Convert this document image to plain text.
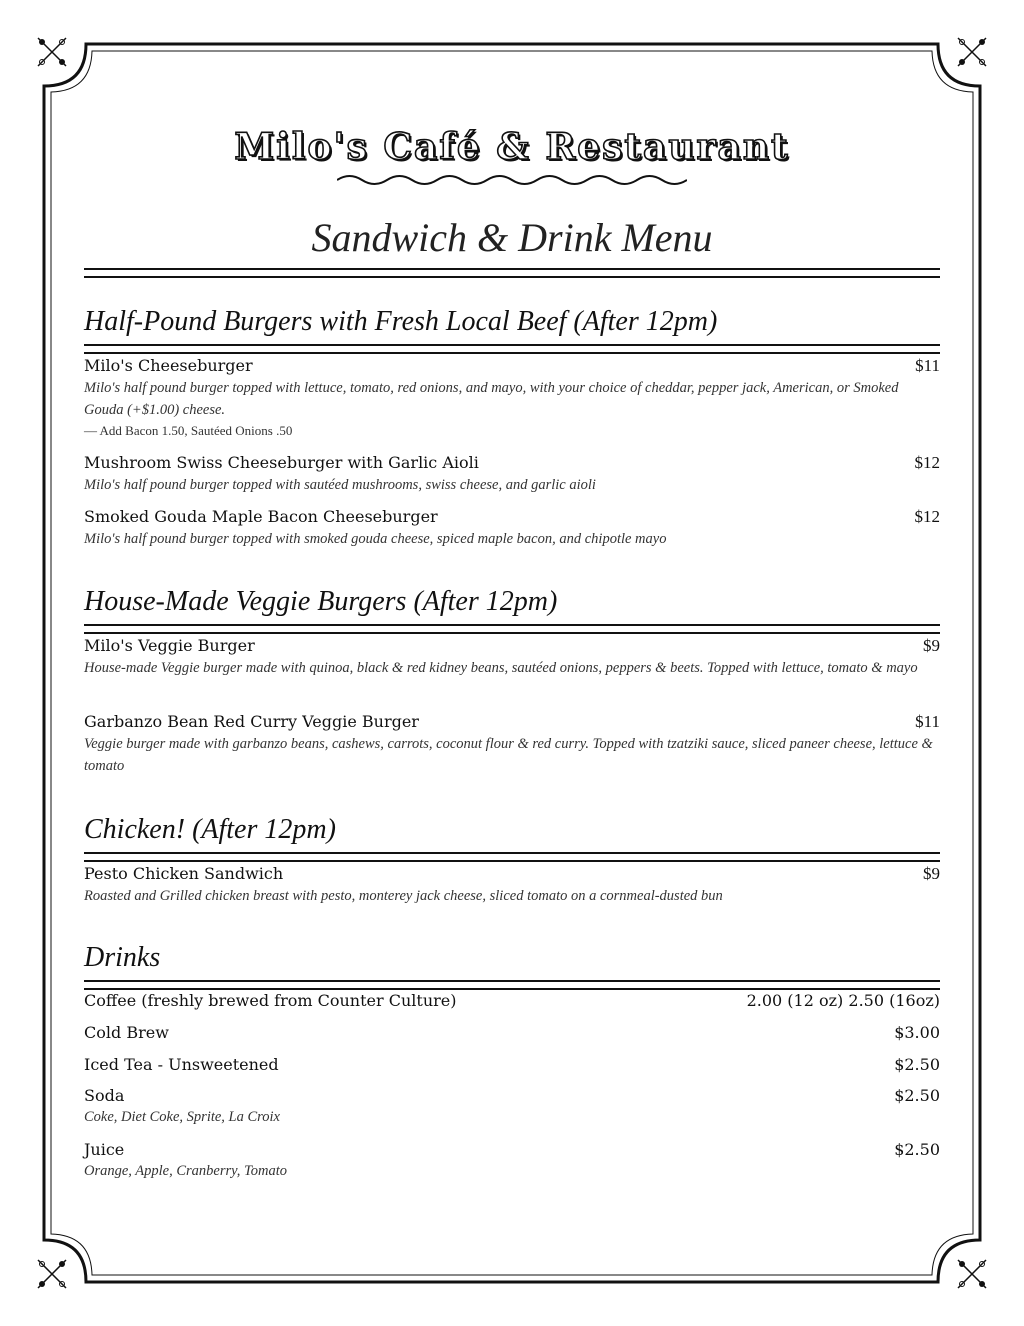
Milo's Café & Restaurant
Sandwich & Drink Menu
Half-Pound Burgers with Fresh Local Beef (After 12pm)
Milo's Cheeseburger	$11
Milo's half pound burger topped with lettuce, tomato, red onions, and mayo, with your choice of cheddar, pepper jack, American, or Smoked Gouda (+$1.00) cheese.
— Add Bacon 1.50, Sautéed Onions .50
Mushroom Swiss Cheeseburger with Garlic Aioli	$12
Milo's half pound burger topped with sautéed mushrooms, swiss cheese, and garlic aioli
Smoked Gouda Maple Bacon Cheeseburger	$12
Milo's half pound burger topped with smoked gouda cheese, spiced maple bacon, and chipotle mayo
House-Made Veggie Burgers (After 12pm)
Milo's Veggie Burger	$9
House-made Veggie burger made with quinoa, black & red kidney beans, sautéed onions, peppers & beets. Topped with lettuce, tomato & mayo
Garbanzo Bean Red Curry Veggie Burger	$11
Veggie burger made with garbanzo beans, cashews, carrots, coconut flour & red curry. Topped with tzatziki sauce, sliced paneer cheese, lettuce & tomato
Chicken! (After 12pm)
Pesto Chicken Sandwich	$9
Roasted and Grilled chicken breast with pesto, monterey jack cheese, sliced tomato on a cornmeal-dusted bun
Drinks
Coffee (freshly brewed from Counter Culture)	2.00 (12 oz) 2.50 (16oz)
Cold Brew	$3.00
Iced Tea - Unsweetened	$2.50
Soda	$2.50
Coke, Diet Coke, Sprite, La Croix
Juice	$2.50
Orange, Apple, Cranberry, Tomato
